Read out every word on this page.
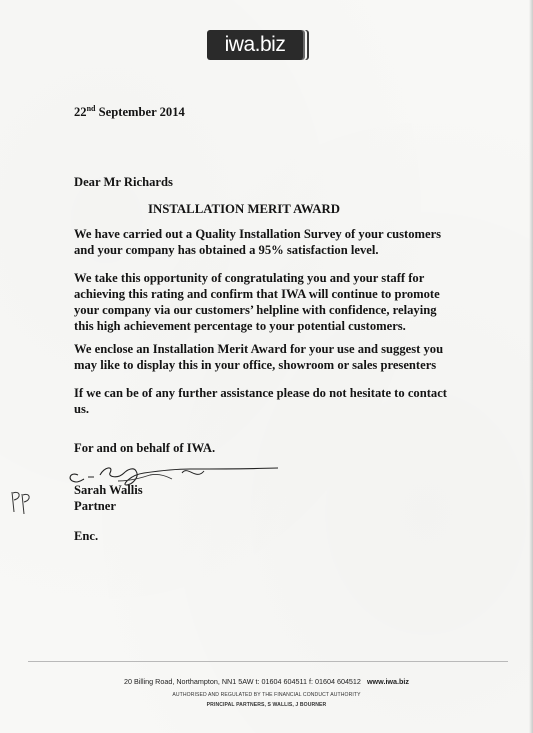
iwa.biz
22nd September 2014
Dear Mr Richards
INSTALLATION MERIT AWARD
We have carried out a Quality Installation Survey of your customers
and your company has obtained a 95% satisfaction level.
We take this opportunity of congratulating you and your staff for
achieving this rating and confirm that IWA will continue to promote
your company via our customers’ helpline with confidence, relaying
this high achievement percentage to your potential customers.
We enclose an Installation Merit Award for your use and suggest you
may like to display this in your office, showroom or sales presenters
If we can be of any further assistance please do not hesitate to contact
us.
For and on behalf of IWA.
Sarah Wallis
Partner
Enc.
20 Billing Road, Northampton, NN1 5AW t: 01604 604511 f: 01604 604512 www.iwa.biz
AUTHORISED AND REGULATED BY THE FINANCIAL CONDUCT AUTHORITY
PRINCIPAL PARTNERS, S WALLIS, J BOURNER
